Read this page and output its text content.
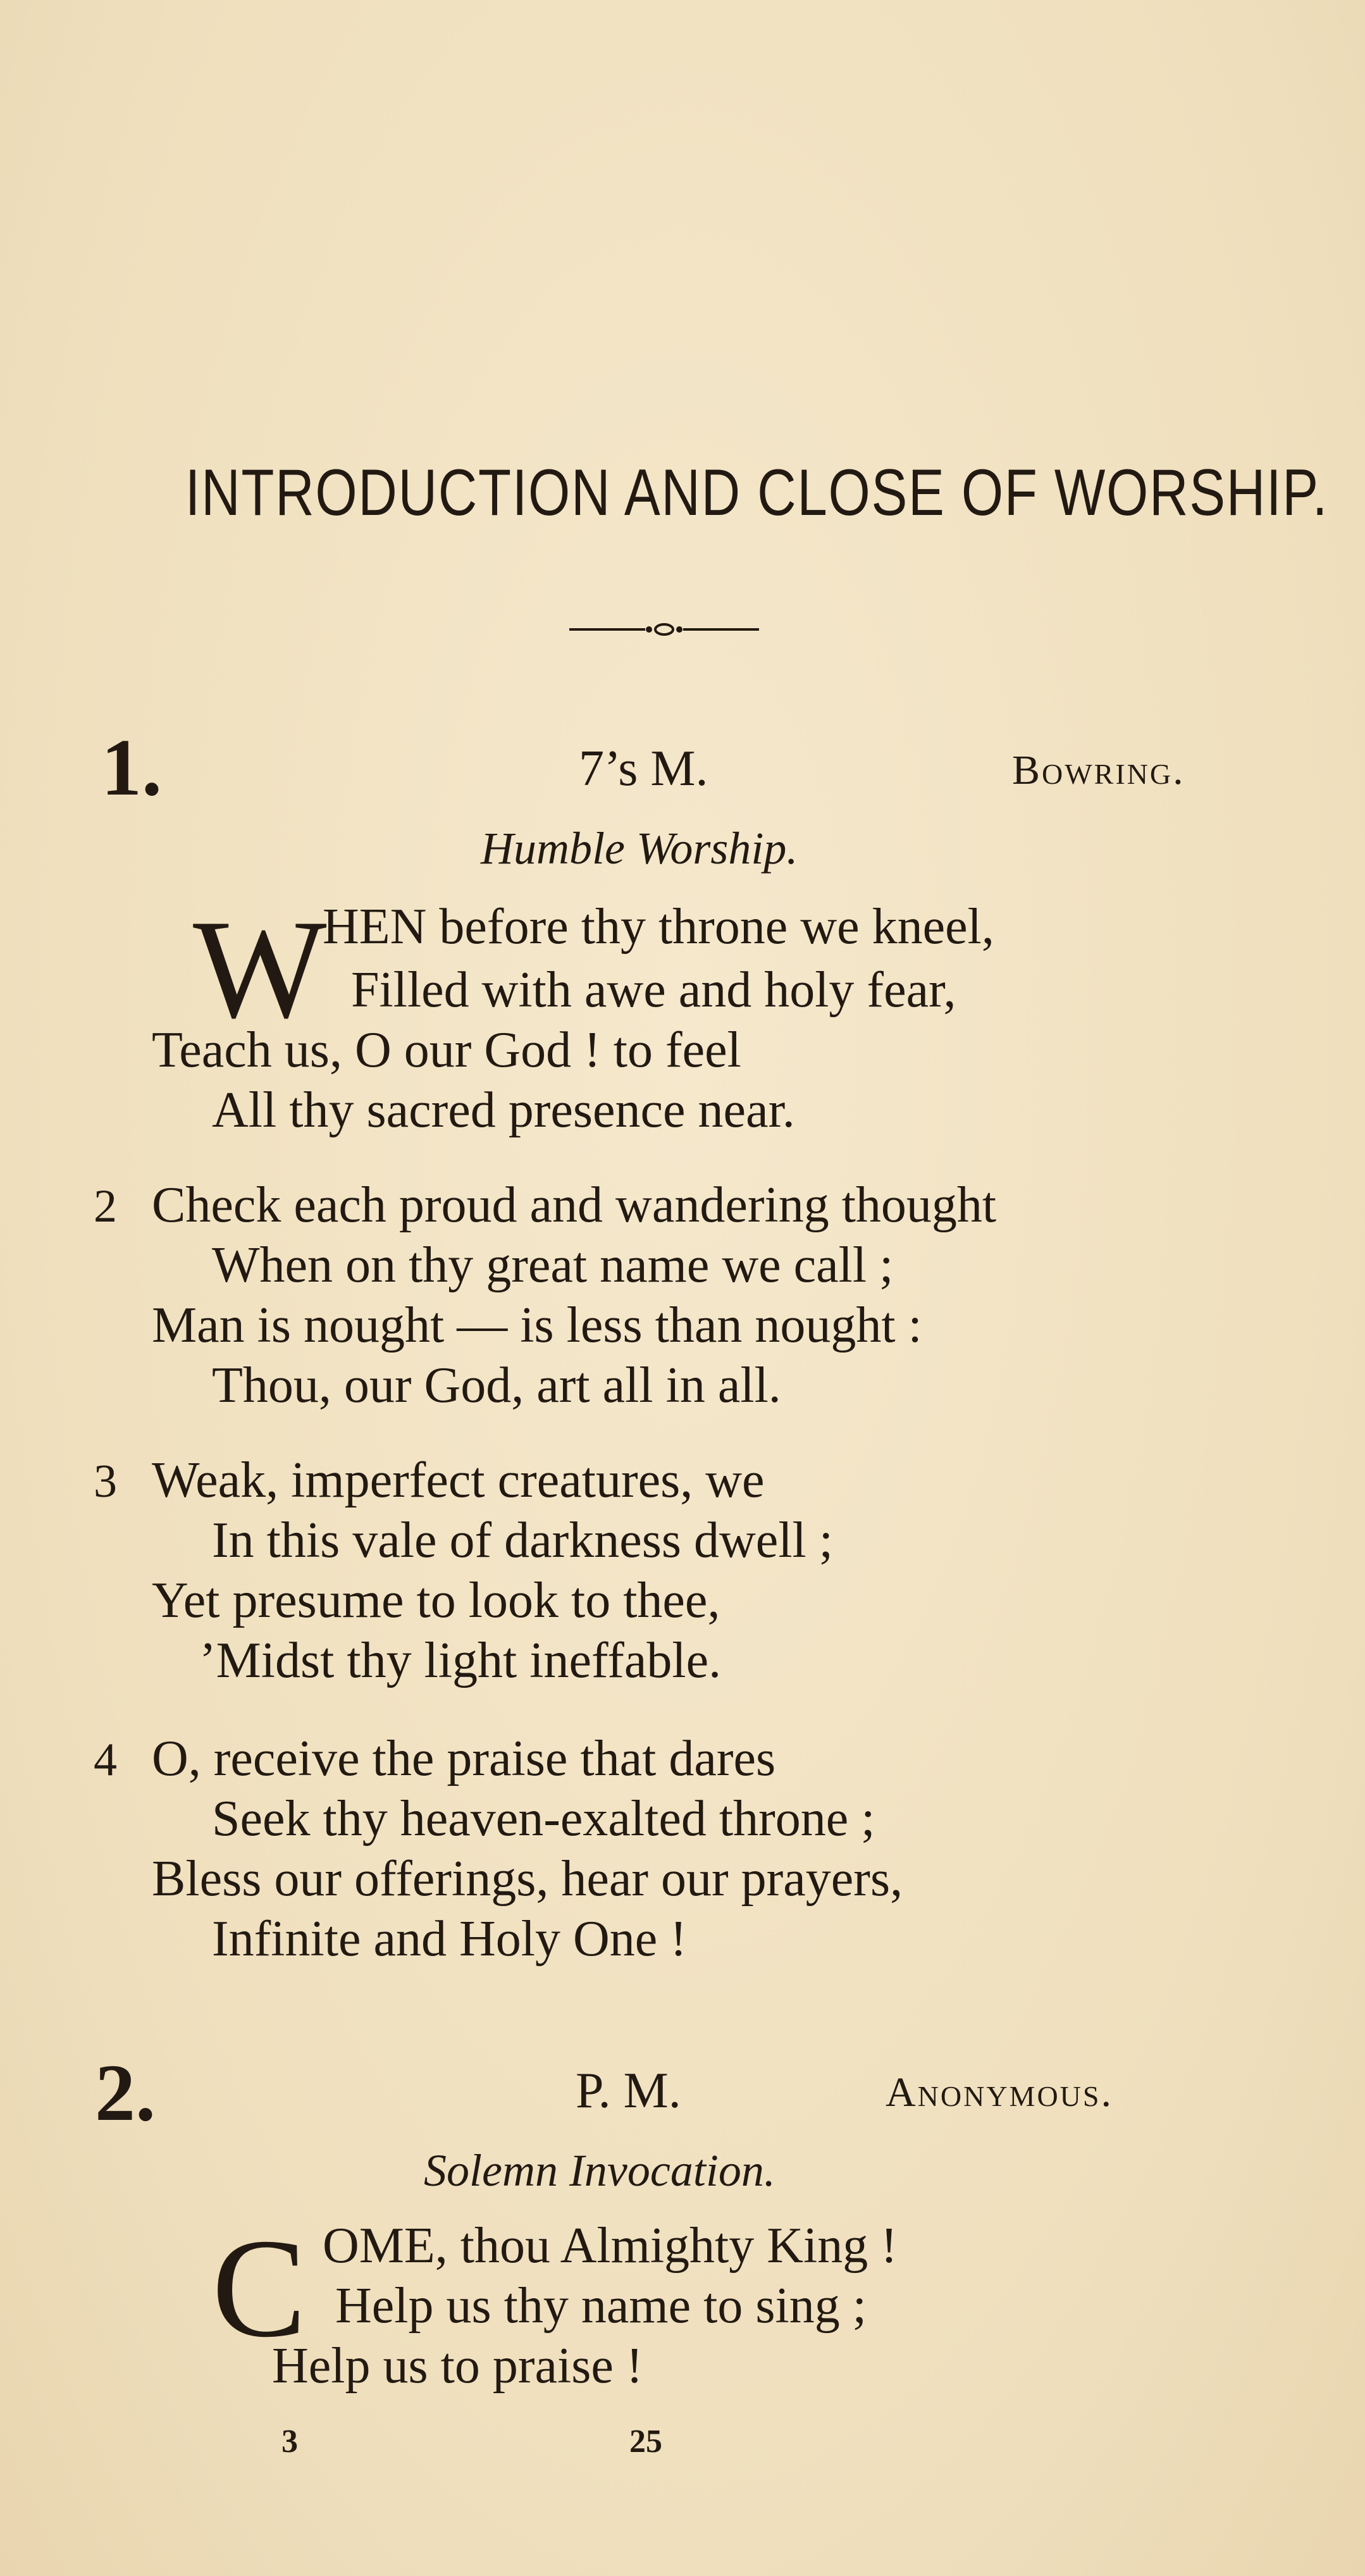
INTRODUCTION AND CLOSE OF WORSHIP.
1.	7’s M.	Bowring.
Humble Worship.
W
HEN before thy throne we kneel,
Filled with awe and holy fear,
Teach us, O our God ! to feel
All thy sacred presence near.
2 Check each proud and wandering thought
When on thy great name we call ;
Man is nought — is less than nought :
Thou, our God, art all in all.
3 Weak, imperfect creatures, we
In this vale of darkness dwell ;
Yet presume to look to thee,
’Midst thy light ineffable.
4 O, receive the praise that dares
Seek thy heaven-exalted throne ;
Bless our offerings, hear our prayers,
Infinite and Holy One !
2.	P. M.	Anonymous.
Solemn Invocation.
C OME, thou Almighty King !
Help us thy name to sing ;
Help us to praise !
3	25
